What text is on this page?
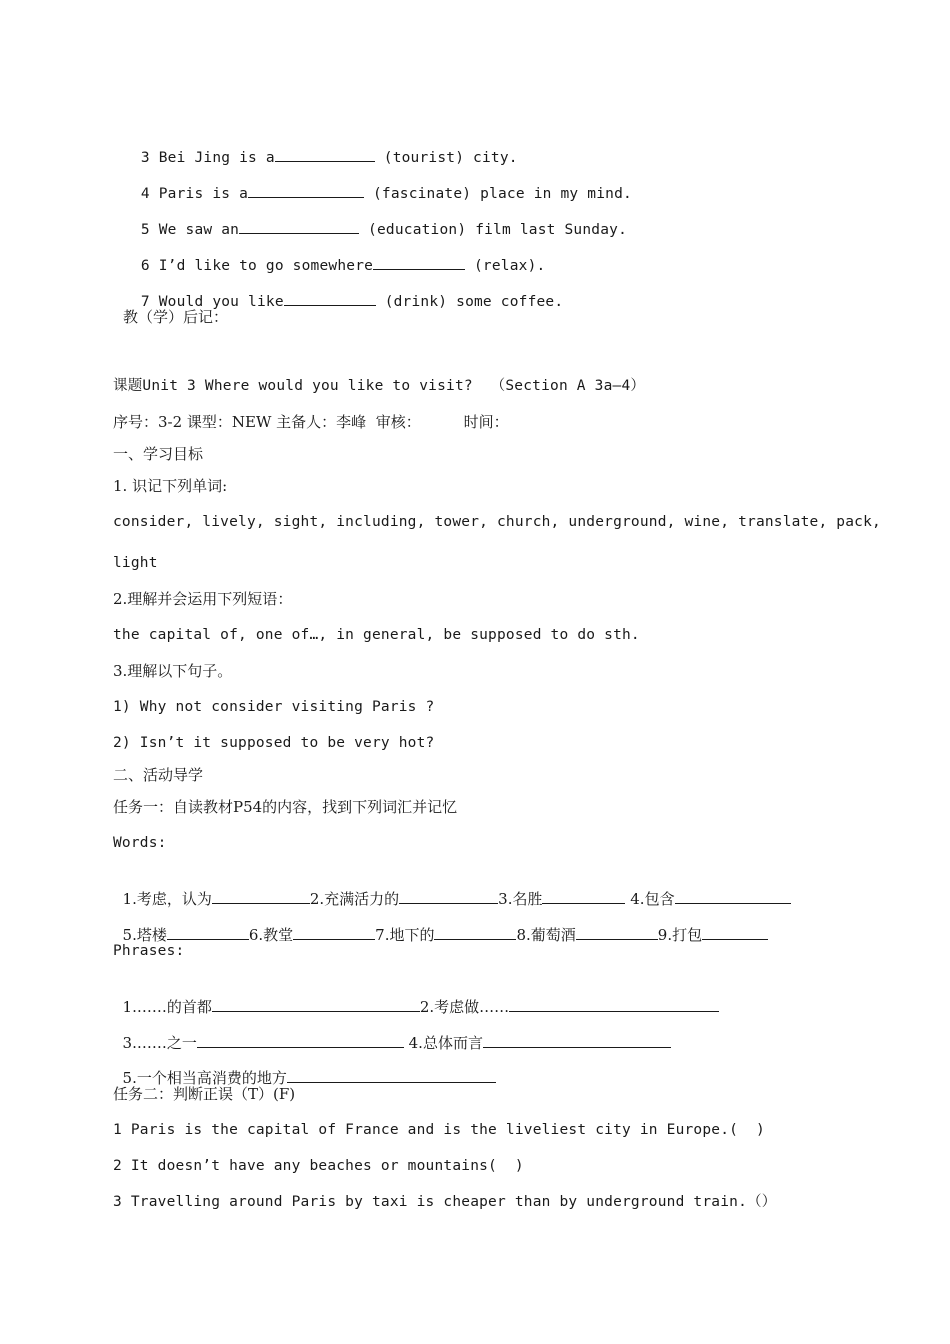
3 Bei Jing is a	(tourist) city.

4 Paris is a	(fascinate) place in my mind.

5 We saw an	(education) film last Sunday.

6 I’d like to go somewhere	(relax).

7 Would you like	(drink) some coffee.

教（学）后记：
课题Unit 3 Where would you like to visit?  （Section A 3a—4）
序号：3-2 课型：NEW 主备人：李峰  审核：         时间：
一、学习目标
1. 识记下列单词:
consider, lively, sight, including, tower, church, underground, wine, translate, pack,
light
2.理解并会运用下列短语：
the capital of, one of…, in general, be supposed to do sth.
3.理解以下句子。
1) Why not consider visiting Paris ?
2) Isn’t it supposed to be very hot?
二、活动导学
任务一：自读教材P54的内容，找到下列词汇并记忆
Words:

1.考虑，认为	2.充满活力的	3.名胜	4.包含

5.塔楼	6.教堂	7.地下的	8.葡萄酒	9.打包

Phrases:

1.……的首都	2.考虑做……

3.……之一	4.总体而言

5.一个相当高消费的地方

任务二：判断正误（T）(F)
1 Paris is the capital of France and is the liveliest city in Europe.(  )
2 It doesn’t have any beaches or mountains(  )
3 Travelling around Paris by taxi is cheaper than by underground train.（）
